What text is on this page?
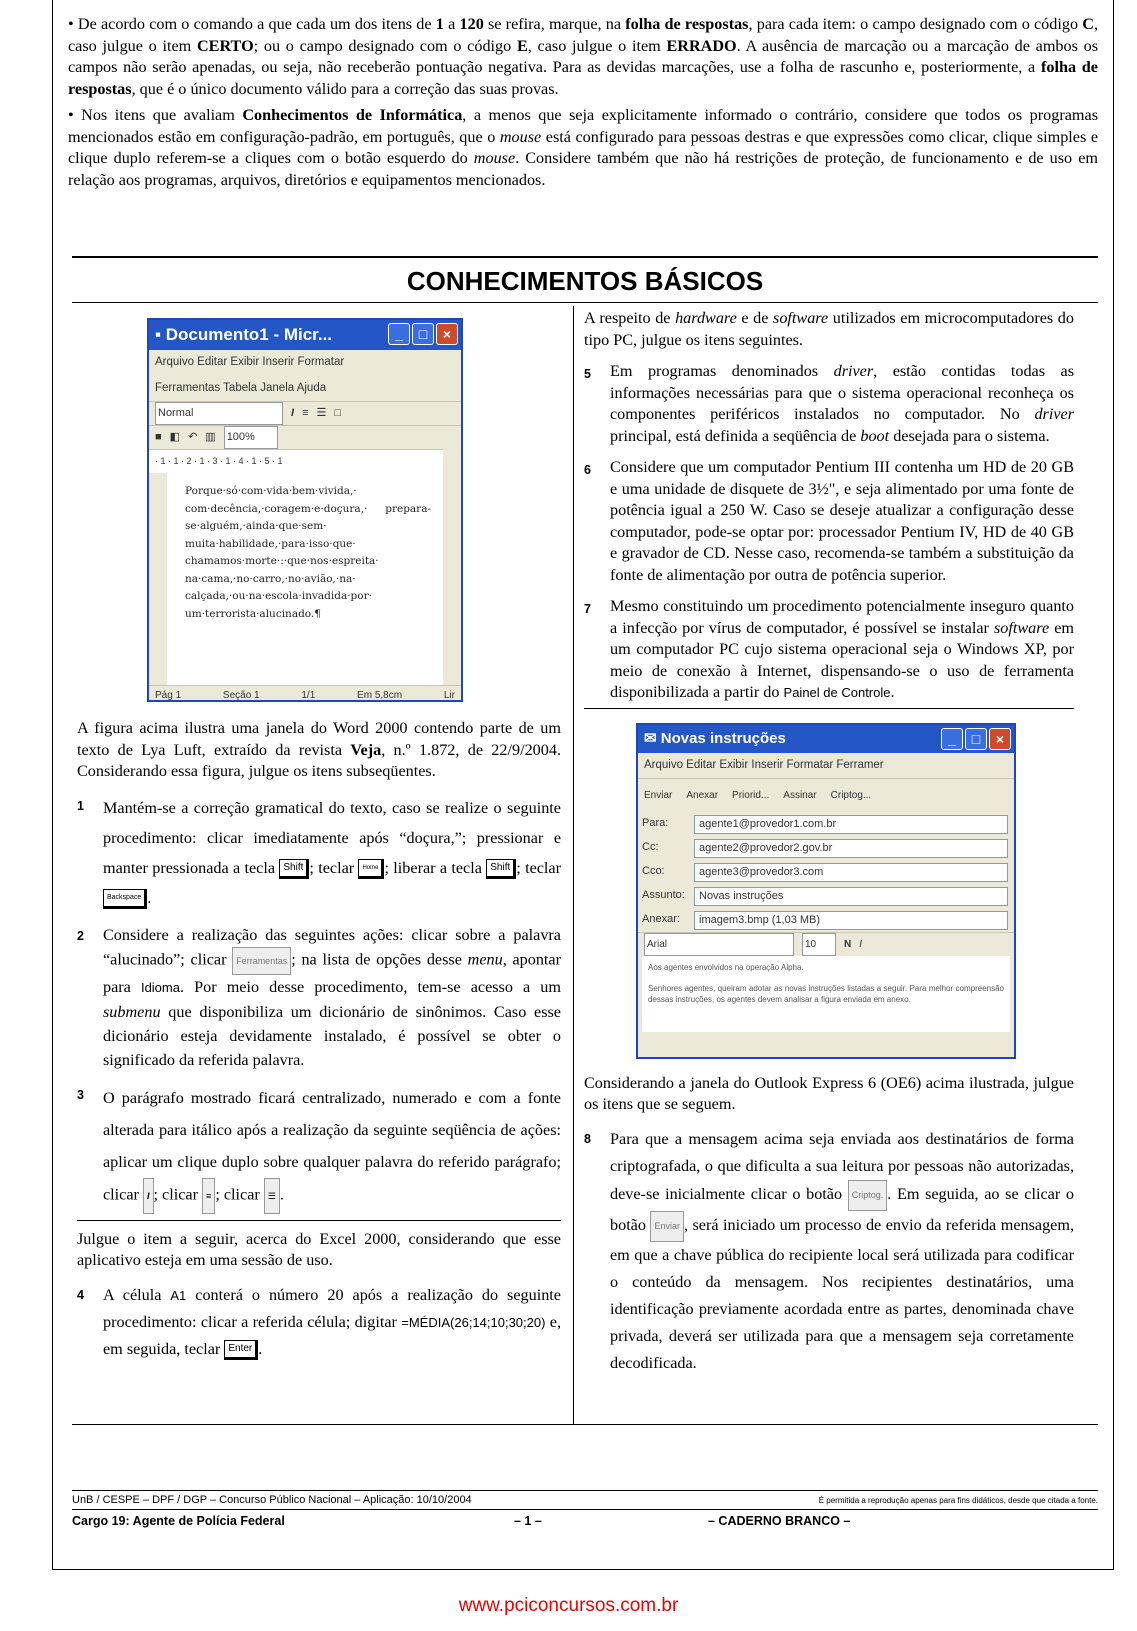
• De acordo com o comando a que cada um dos itens de 1 a 120 se refira, marque, na folha de respostas, para cada item: o campo designado com o código C, caso julgue o item CERTO; ou o campo designado com o código E, caso julgue o item ERRADO. A ausência de marcação ou a marcação de ambos os campos não serão apenadas, ou seja, não receberão pontuação negativa. Para as devidas marcações, use a folha de rascunho e, posteriormente, a folha de respostas, que é o único documento válido para a correção das suas provas.

• Nos itens que avaliam Conhecimentos de Informática, a menos que seja explicitamente informado o contrário, considere que todos os programas mencionados estão em configuração-padrão, em português, que o mouse está configurado para pessoas destras e que expressões como clicar, clique simples e clique duplo referem-se a cliques com o botão esquerdo do mouse. Considere também que não há restrições de proteção, de funcionamento e de uso em relação aos programas, arquivos, diretórios e equipamentos mencionados.

CONHECIMENTOS BÁSICOS
▪ Documento1 - Micr...	_	□	×
Arquivo Editar Exibir Inserir Formatar
Ferramentas Tabela Janela Ajuda
Normal	I ≡ ☰ □
■ ◧ ↶ ▥ 100%
· 1 · 1 · 2 · 1 · 3 · 1 · 4 · 1 · 5 · 1
Porque·só·com·vida·bem·vivida,· com·decência,·coragem·e·doçura,· prepara-se·alguém,·ainda·que·sem· muita·habilidade,·para·isso·que· chamamos·morte·:·que·nos·espreita· na·cama,·no·carro,·no·avião,·na· calçada,·ou·na·escola·invadida·por· um·terrorista·alucinado.¶
Pág 1	Seção 1	1/1	Em 5,8cm	Lir

A figura acima ilustra uma janela do Word 2000 contendo parte de um texto de Lya Luft, extraído da revista Veja, n.º 1.872, de 22/9/2004. Considerando essa figura, julgue os itens subseqüentes.

1	Mantém-se a correção gramatical do texto, caso se realize o seguinte procedimento: clicar imediatamente após “doçura,”; pressionar e manter pressionada a tecla Shift ; teclar Home ; liberar a tecla Shift ; teclar Backspace .
2	Considere a realização das seguintes ações: clicar sobre a palavra “alucinado”; clicar Ferramentas ; na lista de opções desse menu, apontar para Idioma. Por meio desse procedimento, tem-se acesso a um submenu que disponibiliza um dicionário de sinônimos. Caso esse dicionário esteja devidamente instalado, é possível se obter o significado da referida palavra.
3	O parágrafo mostrado ficará centralizado, numerado e com a fonte alterada para itálico após a realização da seguinte seqüência de ações: aplicar um clique duplo sobre qualquer palavra do referido parágrafo; clicar I ; clicar ≡ ; clicar ☰ .

Julgue o item a seguir, acerca do Excel 2000, considerando que esse aplicativo esteja em uma sessão de uso.

4	A célula A1 conterá o número 20 após a realização do seguinte procedimento: clicar a referida célula; digitar =MÉDIA(26;14;10;30;20) e, em seguida, teclar Enter .

A respeito de hardware e de software utilizados em microcomputadores do tipo PC, julgue os itens seguintes.

5	Em programas denominados driver, estão contidas todas as informações necessárias para que o sistema operacional reconheça os componentes periféricos instalados no computador. No driver principal, está definida a seqüência de boot desejada para o sistema.
6	Considere que um computador Pentium III contenha um HD de 20 GB e uma unidade de disquete de 3½", e seja alimentado por uma fonte de potência igual a 250 W. Caso se deseje atualizar a configuração desse computador, pode-se optar por: processador Pentium IV, HD de 40 GB e gravador de CD. Nesse caso, recomenda-se também a substituição da fonte de alimentação por outra de potência superior.
7	Mesmo constituindo um procedimento potencialmente inseguro quanto a infecção por vírus de computador, é possível se instalar software em um computador PC cujo sistema operacional seja o Windows XP, por meio de conexão à Internet, dispensando-se o uso de ferramenta disponibilizada a partir do Painel de Controle.
✉ Novas instruções	_	□	×
Arquivo Editar Exibir Inserir Formatar Ferramer
Enviar Anexar Priorid... Assinar Criptog...
Para:	agente1@provedor1.com.br
Cc:	agente2@provedor2.gov.br
Cco:	agente3@provedor3.com
Assunto:	Novas instruções
Anexar:	imagem3.bmp (1,03 MB)
Arial	10	N I
Aos agentes envolvidos na operação Alpha.
Senhores agentes, queiram adotar as novas instruções listadas a seguir. Para melhor compreensão dessas instruções, os agentes devem analisar a figura enviada em anexo.

Considerando a janela do Outlook Express 6 (OE6) acima ilustrada, julgue os itens que se seguem.

8	Para que a mensagem acima seja enviada aos destinatários de forma criptografada, o que dificulta a sua leitura por pessoas não autorizadas, deve-se inicialmente clicar o botão Criptog. . Em seguida, ao se clicar o botão Enviar , será iniciado um processo de envio da referida mensagem, em que a chave pública do recipiente local será utilizada para codificar o conteúdo da mensagem. Nos recipientes destinatários, uma identificação previamente acordada entre as partes, denominada chave privada, deverá ser utilizada para que a mensagem seja corretamente decodificada.
UnB / CESPE – DPF / DGP – Concurso Público Nacional – Aplicação: 10/10/2004	É permitida a reprodução apenas para fins didáticos, desde que citada a fonte.
Cargo 19: Agente de Polícia Federal	– 1 –	– CADERNO BRANCO –
www.pciconcursos.com.br
